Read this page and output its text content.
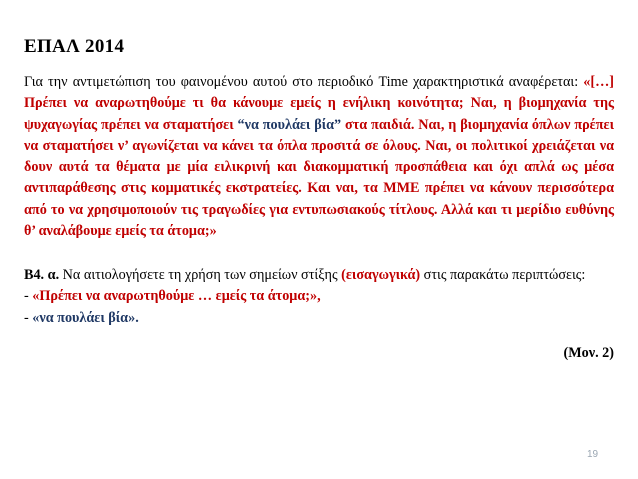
ΕΠΑΛ 2014

Για την αντιμετώπιση του φαινομένου αυτού στο περιοδικό Time χαρακτηριστικά αναφέρεται: «[…] Πρέπει να αναρωτηθούμε τι θα κάνουμε εμείς η ενήλικη κοινότητα; Ναι, η βιομηχανία της ψυχαγωγίας πρέπει να σταματήσει “να πουλάει βία” στα παιδιά. Ναι, η βιομηχανία όπλων πρέπει να σταματήσει ν’ αγωνίζεται να κάνει τα όπλα προσιτά σε όλους. Ναι, οι πολιτικοί χρειάζεται να δουν αυτά τα θέματα με μία ειλικρινή και διακομματική προσπάθεια και όχι απλά ως μέσα αντιπαράθεσης στις κομματικές εκστρατείες. Και ναι, τα ΜΜΕ πρέπει να κάνουν περισσότερα από το να χρησιμοποιούν τις τραγωδίες για εντυπωσιακούς τίτλους. Αλλά και τι μερίδιο ευθύνης θ’ αναλάβουμε εμείς τα άτομα;»

Β4. α. Να αιτιολογήσετε τη χρήση των σημείων στίξης (εισαγωγικά) στις παρακάτω περιπτώσεις:
- «Πρέπει να αναρωτηθούμε … εμείς τα άτομα;»,
- «να πουλάει βία».
(Μον. 2)
19
